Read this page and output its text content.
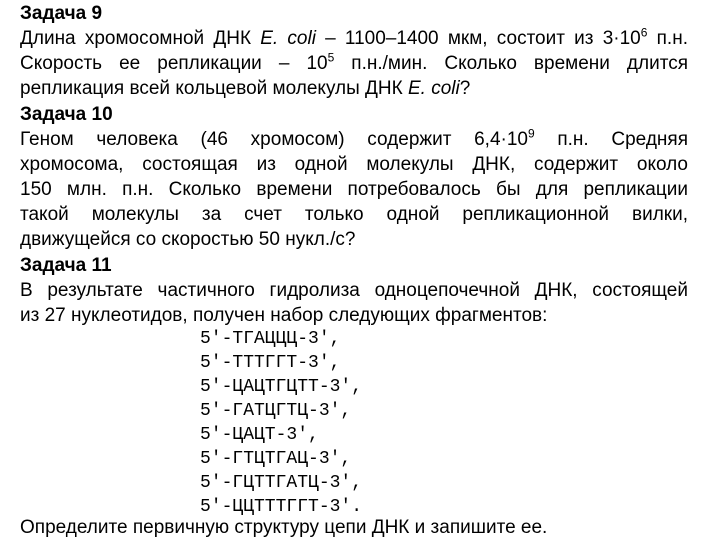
Задача 9
Длина хромосомной ДНК E. coli – 1100–1400 мкм, состоит из $3\cdot 10^6$ п.н.
Скорость ее репликации – $10^5$ п.н./мин. Сколько времени длится
репликация всей кольцевой молекулы ДНК E. coli?
Задача 10
Геном человека (46 хромосом) содержит $6,4\cdot 10^9$ п.н. Средняя
хромосома, состоящая из одной молекулы ДНК, содержит около
150 млн. п.н. Сколько времени потребовалось бы для репликации
такой молекулы за счет только одной репликационной вилки,
движущейся со скоростью 50 нукл./с?
Задача 11
В результате частичного гидролиза одноцепочечной ДНК, состоящей
из 27 нуклеотидов, получен набор следующих фрагментов:
5'-ТГАЦЦЦ-3',
5'-ТТТГГТ-3',
5'-ЦАЦТГЦТТ-3',
5'-ГАТЦГТЦ-3',
5'-ЦАЦТ-3',
5'-ГТЦТГАЦ-3',
5'-ГЦТТГАТЦ-3',
5'-ЦЦТТТГГТ-3'.
Определите первичную структуру цепи ДНК и запишите ее.
